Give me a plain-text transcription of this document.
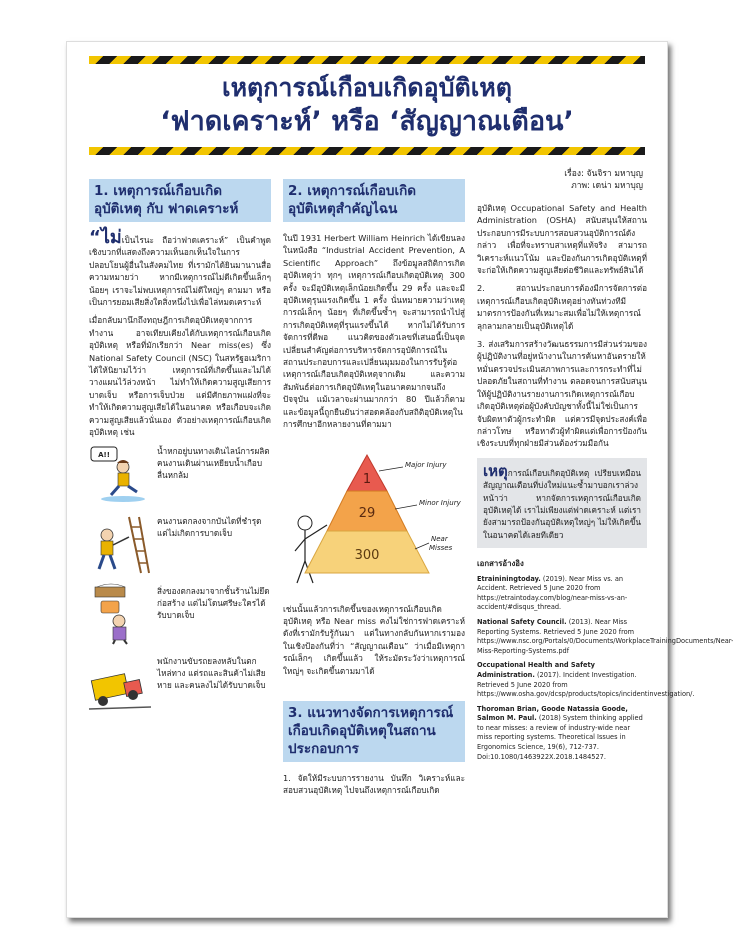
เหตุการณ์เกือบเกิดอุบัติเหตุ
‘ฟาดเคราะห์’ หรือ ‘สัญญาณเตือน’
เรื่อง: จันจิรา มหาบุญ
ภาพ: เดน่า มหาบุญ
1. เหตุการณ์เกือบเกิดอุบัติเหตุ กับ ฟาดเคราะห์

“ไม่เป็นไรนะ ถือว่าฟาดเคราะห์” เป็นคำพูดเชิงบวกที่แสดงถึงความเห็นอกเห็นใจในการปลอบโยนผู้อื่นในสังคมไทย ที่เรามักได้ยินมานานสื่อความหมายว่า หากมีเหตุการณ์ไม่ดีเกิดขึ้นเล็กๆ น้อยๆ เราจะไม่พบเหตุการณ์ไม่ดีใหญ่ๆ ตามมา หรือเป็นการยอมเสียสิ่งใดสิ่งหนึ่งไปเพื่อไล่หมดเคราะห์

เมื่อกลับมานึกถึงทฤษฎีการเกิดอุบัติเหตุจากการทำงาน อาจเทียบเคียงได้กับเหตุการณ์เกือบเกิดอุบัติเหตุ หรือที่มักเรียกว่า Near miss(es) ซึ่ง National Safety Council (NSC) ในสหรัฐอเมริกาได้ให้นิยามไว้ว่า เหตุการณ์ที่เกิดขึ้นและไม่ได้วางแผนไว้ล่วงหน้า ไม่ทำให้เกิดความสูญเสียการบาดเจ็บ หรือการเจ็บป่วย แต่มีศักยภาพแฝงที่จะทำให้เกิดความสูญเสียได้ในอนาคต หรือเกือบจะเกิดความสูญเสียแล้วนั่นเอง ตัวอย่างเหตุการณ์เกือบเกิดอุบัติเหตุ เช่น

A!!	น้ำหกอยู่บนทางเดินไลน์การผลิต คนงานเดินผ่านเหยียบน้ำเกือบลื่นหกล้ม
คนงานตกลงจากบันไดที่ชำรุด แต่ไม่เกิดการบาดเจ็บ
สิ่งของตกลงมาจากชั้นร้านไม่ยึดก่อสร้าง แต่ไม่โดนศรีษะใครได้รับบาดเจ็บ
พนักงานขับรถยลงหลับในตกไหล่ทาง แต่รถและสินค้าไม่เสียหาย และคนลงไม่ได้รับบาดเจ็บ
2. เหตุการณ์เกือบเกิดอุบัติเหตุสำคัญไฉน

ในปี 1931 Herbert William Heinrich ได้เขียนลงในหนังสือ “Industrial Accident Prevention, A Scientific Approach” ถึงข้อมูลสถิติการเกิดอุบัติเหตุว่า ทุกๆ เหตุการณ์เกือบเกิดอุบัติเหตุ 300 ครั้ง จะมีอุบัติเหตุเล็กน้อยเกิดขึ้น 29 ครั้ง และจะมีอุบัติเหตุรุนแรงเกิดขึ้น 1 ครั้ง นั่นหมายความว่าเหตุการณ์เล็กๆ น้อยๆ ที่เกิดขึ้นซ้ำๆ จะสามารถนำไปสู่การเกิดอุบัติเหตุที่รุนแรงขึ้นได้ หากไม่ได้รับการจัดการที่ดีพอ แนวคิดของตัวเลขที่เสนอนี้เป็นจุดเปลี่ยนสำคัญต่อการบริหารจัดการอุบัติการณ์ในสถานประกอบการและเปลี่ยนมุมมองในการรับรู้ต่อเหตุการณ์เกือบเกิดอุบัติเหตุจากเดิม และความสัมพันธ์ต่อการเกิดอุบัติเหตุในอนาคตมากจนถึงปัจจุบัน แม้เวลาจะผ่านมากกว่า 80 ปีแล้วก็ตาม และข้อมูลนี้ถูกยืนยันว่าสอดคล้องกับสถิติอุบัติเหตุในการศึกษาอีกหลายงานที่ตามมา

1
29
300
Major Injury
Minor Injury
Near
Misses

เช่นนั้นแล้วการเกิดขึ้นของเหตุการณ์เกือบเกิดอุบัติเหตุ หรือ Near miss คงไม่ใช่การฟาดเคราะห์ดังที่เรามักรับรู้กันมา แต่ในทางกลับกันหากเรามองในเชิงป้องกันที่ว่า “สัญญาณเตือน” ว่าเมื่อมีเหตุการณ์เล็กๆ เกิดขึ้นแล้ว ให้ระมัดระวังว่าเหตุการณ์ใหญ่ๆ จะเกิดขึ้นตามมาได้

3. แนวทางจัดการเหตุการณ์เกือบเกิดอุบัติเหตุในสถานประกอบการ

1. จัดให้มีระบบการรายงาน บันทึก วิเคราะห์และสอบสวนอุบัติเหตุ ไปจนถึงเหตุการณ์เกือบเกิด

อุบัติเหตุ Occupational Safety and Health Administration (OSHA) สนับสนุนให้สถานประกอบการมีระบบการสอบสวนอุบัติการณ์ดังกล่าว เพื่อที่จะทราบสาเหตุที่แท้จริง สามารถวิเคราะห์แนวโน้ม และป้องกันการเกิดอุบัติเหตุที่จะก่อให้เกิดความสูญเสียต่อชีวิตและทรัพย์สินได้

2. สถานประกอบการต้องมีการจัดการต่อเหตุการณ์เกือบเกิดอุบัติเหตุอย่างทันท่วงทีมีมาตรการป้องกันที่เหมาะสมเพื่อไม่ให้เหตุการณ์ลุกลามกลายเป็นอุบัติเหตุได้

3. ส่งเสริมการสร้างวัฒนธรรมการมีส่วนร่วมของผู้ปฏิบัติงานที่อยู่หน้างานในการค้นหาอันตรายให้หมั่นตรวจประเมินสภาพการและการกระทำที่ไม่ปลอดภัยในสถานที่ทำงาน ตลอดจนการสนับสนุนให้ผู้ปฏิบัติงานรายงานการเกิดเหตุการณ์เกือบเกิดอุบัติเหตุต่อผู้บังคับบัญชาทั้งนี้ไม่ใช่เป็นการจับผิดหาตัวผู้กระทำผิด แต่ควรมีจุดประสงค์เพื่อกล่าวโทษ หรือหาตัวผู้ทำผิดแต่เพื่อการป้องกันเชิงระบบที่ทุกฝ่ายมีส่วนต้องร่วมมือกัน

เหตุการณ์เกือบเกิดอุบัติเหตุ เปรียบเหมือนสัญญาณเตือนที่บ่งใหม่แนะซ้ำมาบอกเราล่วงหน้าว่า หากจัดการเหตุการณ์เกือบเกิดอุบัติเหตุได้ เราไม่เพียงแต่ฟาดเคราะห์ แต่เรายังสามารถป้องกันอุบัติเหตุใหญ่ๆ ไม่ให้เกิดขึ้นในอนาคตได้เลยทีเดียว
เอกสารอ้างอิง
Etraininingtoday. (2019). Near Miss vs. an Accident. Retrieved 5 June 2020 from https://etraintoday.com/blog/near-miss-vs-an-accident/#disqus_thread.
National Safety Council. (2013). Near Miss Reporting Systems. Retrieved 5 June 2020 from https://www.nsc.org/Portals/0/Documents/WorkplaceTrainingDocuments/Near-Miss-Reporting-Systems.pdf
Occupational Health and Safety Administration. (2017). Incident Investigation. Retrieved 5 June 2020 from https://www.osha.gov/dcsp/products/topics/incidentinvestigation/.
Thoroman Brian, Goode Natassia Goode, Salmon M. Paul. (2018) System thinking applied to near misses: a review of industry-wide near miss reporting systems. Theoretical Issues in Ergonomics Science, 19(6), 712-737. Doi:10.1080/1463922X.2018.1484527.
